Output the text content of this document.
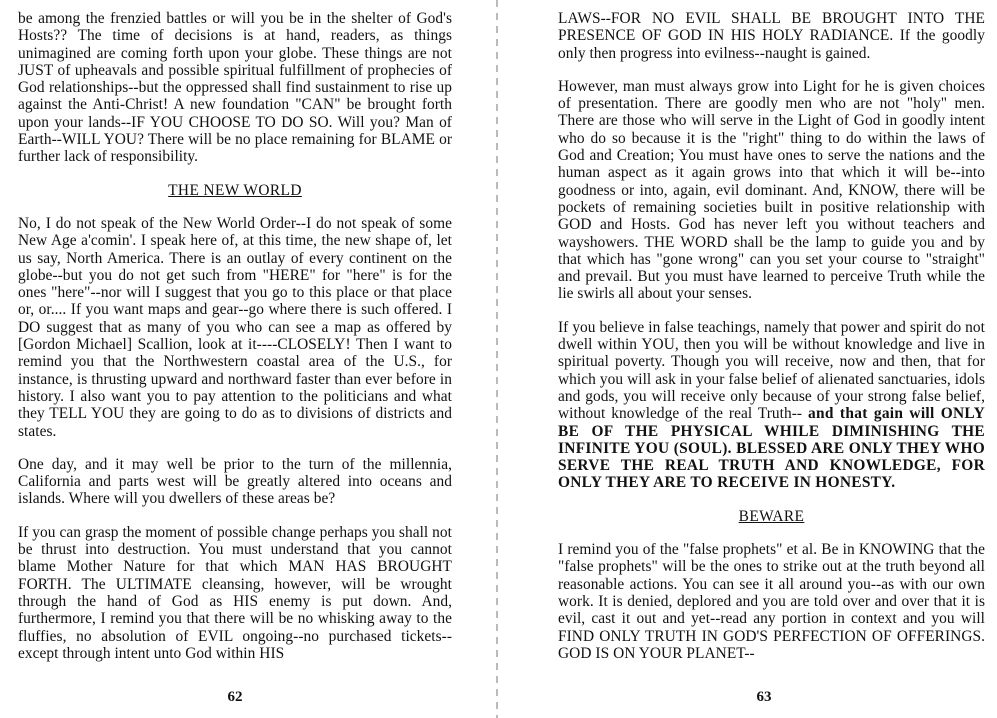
be among the frenzied battles or will you be in the shelter of God's Hosts?? The time of decisions is at hand, readers, as things unimagined are coming forth upon your globe. These things are not JUST of upheavals and possible spiritual fulfillment of prophecies of God relationships--but the oppressed shall find sustainment to rise up against the Anti-Christ! A new foundation "CAN" be brought forth upon your lands--IF YOU CHOOSE TO DO SO. Will you? Man of Earth--WILL YOU? There will be no place remaining for BLAME or further lack of responsibility.

THE NEW WORLD

No, I do not speak of the New World Order--I do not speak of some New Age a'comin'. I speak here of, at this time, the new shape of, let us say, North America. There is an outlay of every continent on the globe--but you do not get such from "HERE" for "here" is for the ones "here"--nor will I suggest that you go to this place or that place or, or.... If you want maps and gear--go where there is such offered. I DO suggest that as many of you who can see a map as offered by [Gordon Michael] Scallion, look at it----CLOSELY! Then I want to remind you that the Northwestern coastal area of the U.S., for instance, is thrusting upward and northward faster than ever before in history. I also want you to pay attention to the politicians and what they TELL YOU they are going to do as to divisions of districts and states.

One day, and it may well be prior to the turn of the millennia, California and parts west will be greatly altered into oceans and islands. Where will you dwellers of these areas be?

If you can grasp the moment of possible change perhaps you shall not be thrust into destruction. You must understand that you cannot blame Mother Nature for that which MAN HAS BROUGHT FORTH. The ULTIMATE cleansing, however, will be wrought through the hand of God as HIS enemy is put down. And, furthermore, I remind you that there will be no whisking away to the fluffies, no absolution of EVIL ongoing--no purchased tickets--except through intent unto God within HIS

62

LAWS--FOR NO EVIL SHALL BE BROUGHT INTO THE PRESENCE OF GOD IN HIS HOLY RADIANCE. If the goodly only then progress into evilness--naught is gained.

However, man must always grow into Light for he is given choices of presentation. There are goodly men who are not "holy" men. There are those who will serve in the Light of God in goodly intent who do so because it is the "right" thing to do within the laws of God and Creation; You must have ones to serve the nations and the human aspect as it again grows into that which it will be--into goodness or into, again, evil dominant. And, KNOW, there will be pockets of remaining societies built in positive relationship with GOD and Hosts. God has never left you without teachers and wayshowers. THE WORD shall be the lamp to guide you and by that which has "gone wrong" can you set your course to "straight" and prevail. But you must have learned to perceive Truth while the lie swirls all about your senses.

If you believe in false teachings, namely that power and spirit do not dwell within YOU, then you will be without knowledge and live in spiritual poverty. Though you will receive, now and then, that for which you will ask in your false belief of alienated sanctuaries, idols and gods, you will receive only because of your strong false belief, without knowledge of the real Truth-- and that gain will ONLY BE OF THE PHYSICAL WHILE DIMINISHING THE INFINITE YOU (SOUL). BLESSED ARE ONLY THEY WHO SERVE THE REAL TRUTH AND KNOWLEDGE, FOR ONLY THEY ARE TO RECEIVE IN HONESTY.

BEWARE

I remind you of the "false prophets" et al. Be in KNOWING that the "false prophets" will be the ones to strike out at the truth beyond all reasonable actions. You can see it all around you--as with our own work. It is denied, deplored and you are told over and over that it is evil, cast it out and yet--read any portion in context and you will FIND ONLY TRUTH IN GOD'S PERFECTION OF OFFERINGS. GOD IS ON YOUR PLANET--

63
